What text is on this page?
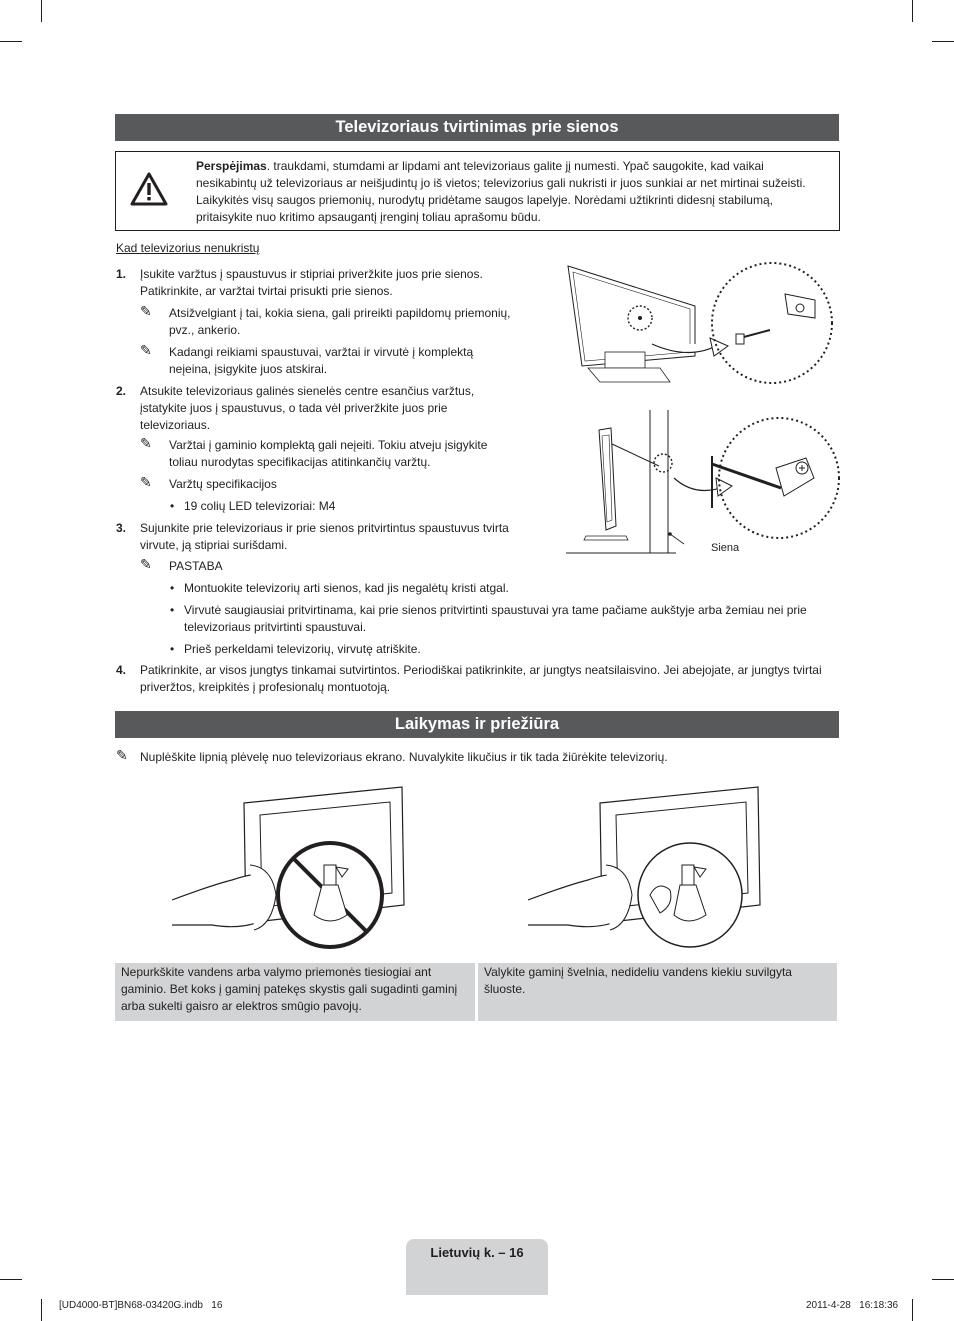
Televizoriaus tvirtinimas prie sienos
Perspėjimas. traukdami, stumdami ar lipdami ant televizoriaus galite jį numesti. Ypač saugokite, kad vaikai nesikabintų už televizoriaus ar neišjudintų jo iš vietos; televizorius gali nukristi ir juos sunkiai ar net mirtinai sužeisti. Laikykitės visų saugos priemonių, nurodytų pridėtame saugos lapelyje. Norėdami užtikrinti didesnį stabilumą, pritaisykite nuo kritimo apsaugantį įrenginį toliau aprašomu būdu.
Kad televizorius nenukristų
1. Įsukite varžtus į spaustuvus ir stipriai priveržkite juos prie sienos. Patikrinkite, ar varžtai tvirtai prisukti prie sienos.
✎ Atsižvelgiant į tai, kokia siena, gali prireikti papildomų priemonių, pvz., ankerio.
✎ Kadangi reikiami spaustuvai, varžtai ir virvutė į komplektą neįeina, įsigykite juos atskirai.
2. Atsukite televizoriaus galinės sienelės centre esančius varžtus, įstatykite juos į spaustuvus, o tada vėl priveržkite juos prie televizoriaus.
✎ Varžtai į gaminio komplektą gali neįeiti. Tokiu atveju įsigykite toliau nurodytas specifikacijas atitinkančių varžtų.
✎ Varžtų specifikacijos
• 19 colių LED televizoriai: M4
3. Sujunkite prie televizoriaus ir prie sienos pritvirtintus spaustuvus tvirta virvute, ją stipriai surišdami.
✎ PASTABA
• Montuokite televizorių arti sienos, kad jis negalėtų kristi atgal.
• Virvutė saugiausiai pritvirtinama, kai prie sienos pritvirtinti spaustuvai yra tame pačiame aukštyje arba žemiau nei prie televizoriaus pritvirtinti spaustuvai.
• Prieš perkeldami televizorių, virvutę atriškite.
4. Patikrinkite, ar visos jungtys tinkamai sutvirtintos. Periodiškai patikrinkite, ar jungtys neatsilaisvino. Jei abejojate, ar jungtys tvirtai priveržtos, kreipkitės į profesionalų montuotoją.
Siena
Laikymas ir priežiūra
✎ Nuplėškite lipnią plėvelę nuo televizoriaus ekrano. Nuvalykite likučius ir tik tada žiūrėkite televizorių.
Nepurkškite vandens arba valymo priemonės tiesiogiai ant gaminio. Bet koks į gaminį patekęs skystis gali sugadinti gaminį arba sukelti gaisro ar elektros smūgio pavojų.
Valykite gaminį švelnia, nedideliu vandens kiekiu suvilgyta šluoste.
Lietuvių k. – 16
[UD4000-BT]BN68-03420G.indb   16	2011-4-28   16:18:36
